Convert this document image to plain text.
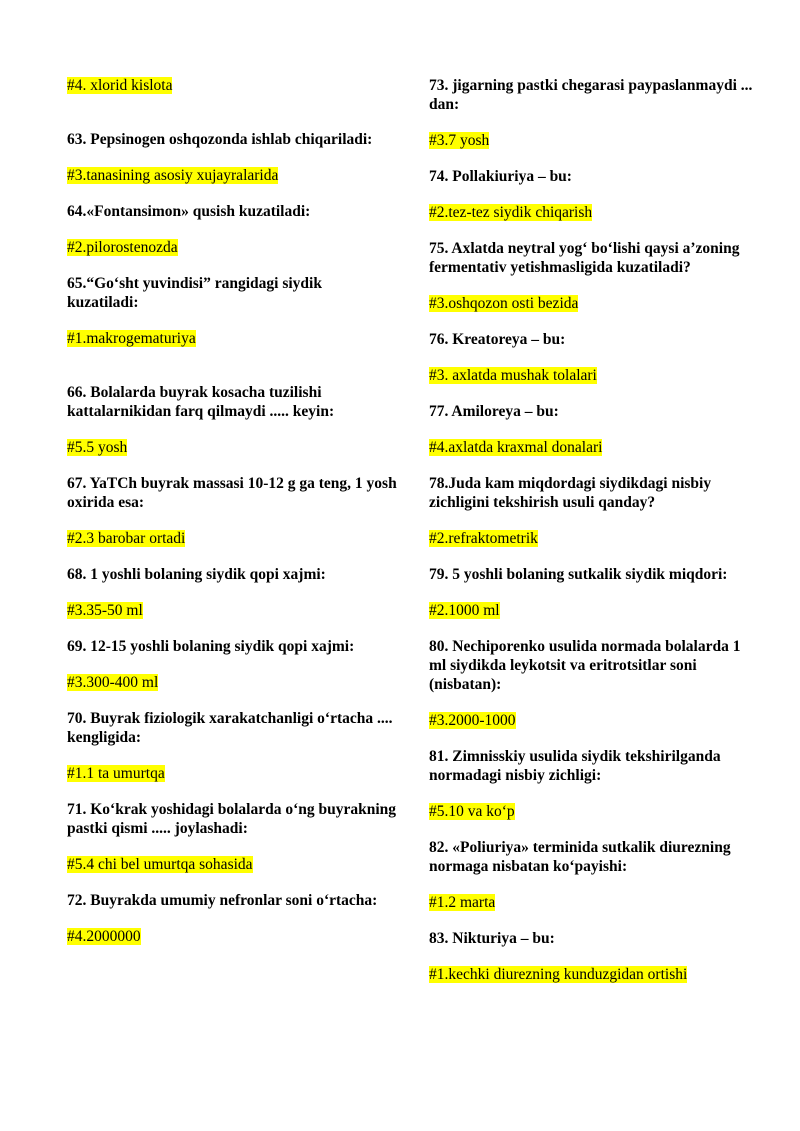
#4. xlorid kislota
63. Pepsinogen oshqozonda ishlab chiqariladi:
#3.tanasining asosiy xujayralarida
64.«Fontansimon» qusish kuzatiladi:
#2.pilorostenozda
65.“Go‘sht yuvindisi” rangidagi siydik kuzatiladi:
#1.makrogematuriya
66. Bolalarda buyrak kosacha tuzilishi kattalarnikidan farq qilmaydi ..... keyin:
#5.5 yosh
67. YaTCh buyrak massasi 10-12 g ga teng, 1 yosh oxirida esa:
#2.3 barobar ortadi
68. 1 yoshli bolaning siydik qopi xajmi:
#3.35-50 ml
69. 12-15 yoshli bolaning siydik qopi xajmi:
#3.300-400 ml
70. Buyrak fiziologik xarakatchanligi o‘rtacha .... kengligida:
#1.1 ta umurtqa
71. Ko‘krak yoshidagi bolalarda o‘ng buyrakning pastki qismi ..... joylashadi:
#5.4 chi bel umurtqa sohasida
72. Buyrakda umumiy nefronlar soni o‘rtacha:
#4.2000000
73. jigarning pastki chegarasi paypaslanmaydi ... dan:
#3.7 yosh
74. Pollakiuriya – bu:
#2.tez-tez siydik chiqarish
75. Axlatda neytral yog‘ bo‘lishi qaysi a’zoning fermentativ yetishmasligida kuzatiladi?
#3.oshqozon osti bezida
76. Kreatoreya – bu:
#3. axlatda mushak tolalari
77. Amiloreya – bu:
#4.axlatda kraxmal donalari
78.Juda kam miqdordagi siydikdagi nisbiy zichligini tekshirish usuli qanday?
#2.refraktometrik
79. 5 yoshli bolaning sutkalik siydik miqdori:
#2.1000 ml
80. Nechiporenko usulida normada bolalarda 1 ml siydikda leykotsit va eritrotsitlar soni (nisbatan):
#3.2000-1000
81. Zimnisskiy usulida siydik tekshirilganda normadagi nisbiy zichligi:
#5.10 va ko‘p
82. «Poliuriya» terminida sutkalik diurezning normaga nisbatan ko‘payishi:
#1.2 marta
83. Nikturiya – bu:
#1.kechki diurezning kunduzgidan ortishi
